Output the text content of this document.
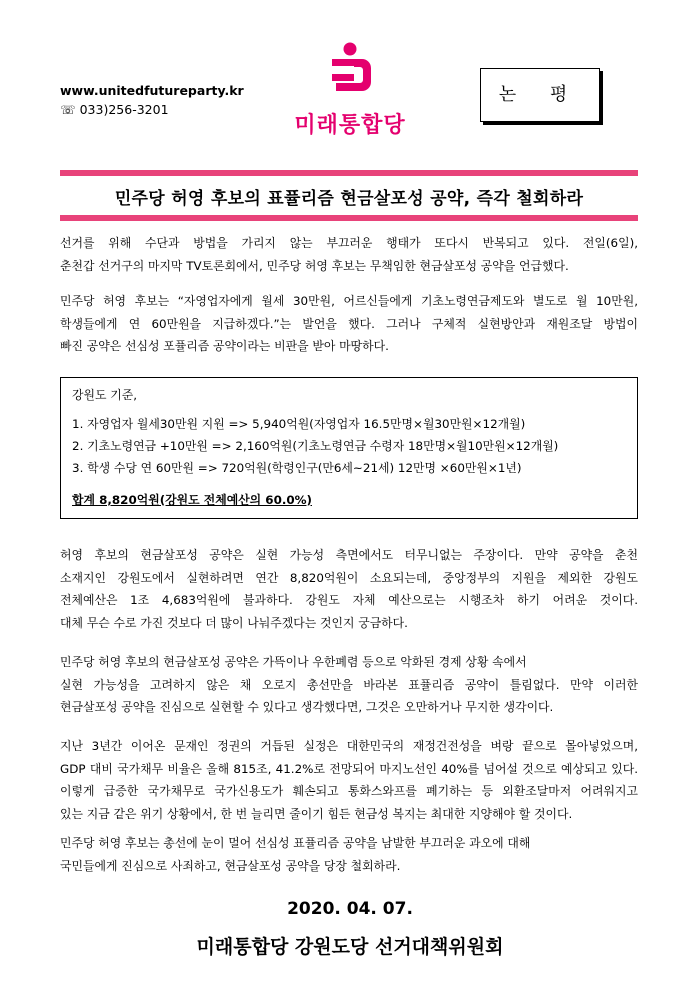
www.unitedfutureparty.kr
☏ 033)256-3201
미래통합당
논 평
민주당 허영 후보의 표퓰리즘 현금살포성 공약, 즉각 철회하라
선거를 위해 수단과 방법을 가리지 않는 부끄러운 행태가 또다시 반복되고 있다. 전일(6일),
춘천갑 선거구의 마지막 TV토론회에서, 민주당 허영 후보는 무책임한 현금살포성 공약을 언급했다.
민주당 허영 후보는 “자영업자에게 월세 30만원, 어르신들에게 기초노령연금제도와 별도로 월 10만원,
학생들에게 연 60만원을 지급하겠다.”는 발언을 했다. 그러나 구체적 실현방안과 재원조달 방법이
빠진 공약은 선심성 포퓰리즘 공약이라는 비판을 받아 마땅하다.
강원도 기준,
1. 자영업자 월세30만원 지원 => 5,940억원(자영업자 16.5만명×월30만원×12개월)
2. 기초노령연금 +10만원 => 2,160억원(기초노령연금 수령자 18만명×월10만원×12개월)
3. 학생 수당 연 60만원 => 720억원(학령인구(만6세~21세) 12만명 ×60만원×1년)
합계 8,820억원(강원도 전체예산의 60.0%)
허영 후보의 현금살포성 공약은 실현 가능성 측면에서도 터무니없는 주장이다. 만약 공약을 춘천
소재지인 강원도에서 실현하려면 연간 8,820억원이 소요되는데, 중앙정부의 지원을 제외한 강원도
전체예산은 1조 4,683억원에 불과하다. 강원도 자체 예산으로는 시행조차 하기 어려운 것이다.
대체 무슨 수로 가진 것보다 더 많이 나눠주겠다는 것인지 궁금하다.
민주당 허영 후보의 현금살포성 공약은 가뜩이나 우한폐렴 등으로 악화된 경제 상황 속에서
실현 가능성을 고려하지 않은 채 오로지 총선만을 바라본 표퓰리즘 공약이 틀림없다. 만약 이러한
현금살포성 공약을 진심으로 실현할 수 있다고 생각했다면, 그것은 오만하거나 무지한 생각이다.
지난 3년간 이어온 문재인 정권의 거듭된 실정은 대한민국의 재정건전성을 벼랑 끝으로 몰아넣었으며,
GDP 대비 국가채무 비율은 올해 815조, 41.2%로 전망되어 마지노선인 40%를 넘어설 것으로 예상되고 있다.
이렇게 급증한 국가채무로 국가신용도가 훼손되고 통화스와프를 폐기하는 등 외환조달마저 어려워지고
있는 지금 같은 위기 상황에서, 한 번 늘리면 줄이기 힘든 현금성 복지는 최대한 지양해야 할 것이다.
민주당 허영 후보는 총선에 눈이 멀어 선심성 표퓰리즘 공약을 남발한 부끄러운 과오에 대해
국민들에게 진심으로 사죄하고, 현금살포성 공약을 당장 철회하라.
2020. 04. 07.
미래통합당 강원도당 선거대책위원회
